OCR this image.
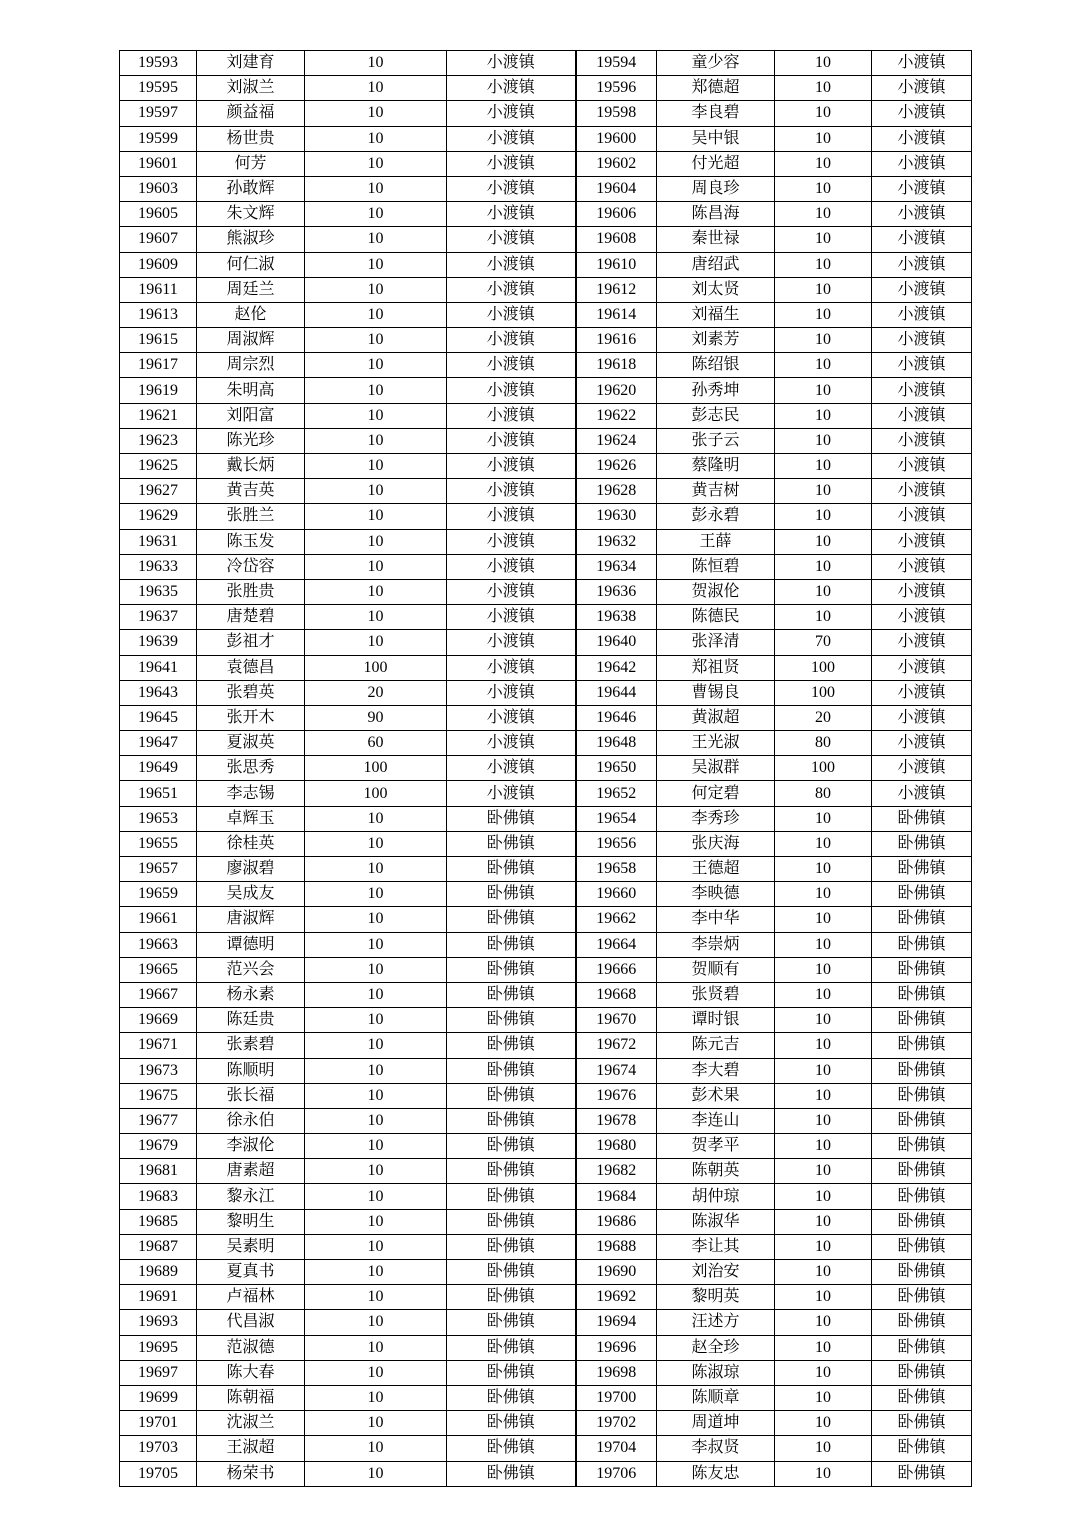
19593	刘建育	10	小渡镇	19594	童少容	10	小渡镇
19595	刘淑兰	10	小渡镇	19596	郑德超	10	小渡镇
19597	颜益福	10	小渡镇	19598	李良碧	10	小渡镇
19599	杨世贵	10	小渡镇	19600	吴中银	10	小渡镇
19601	何芳	10	小渡镇	19602	付光超	10	小渡镇
19603	孙敢辉	10	小渡镇	19604	周良珍	10	小渡镇
19605	朱文辉	10	小渡镇	19606	陈昌海	10	小渡镇
19607	熊淑珍	10	小渡镇	19608	秦世禄	10	小渡镇
19609	何仁淑	10	小渡镇	19610	唐绍武	10	小渡镇
19611	周廷兰	10	小渡镇	19612	刘太贤	10	小渡镇
19613	赵伦	10	小渡镇	19614	刘福生	10	小渡镇
19615	周淑辉	10	小渡镇	19616	刘素芳	10	小渡镇
19617	周宗烈	10	小渡镇	19618	陈绍银	10	小渡镇
19619	朱明高	10	小渡镇	19620	孙秀坤	10	小渡镇
19621	刘阳富	10	小渡镇	19622	彭志民	10	小渡镇
19623	陈光珍	10	小渡镇	19624	张子云	10	小渡镇
19625	戴长炳	10	小渡镇	19626	蔡隆明	10	小渡镇
19627	黄吉英	10	小渡镇	19628	黄吉树	10	小渡镇
19629	张胜兰	10	小渡镇	19630	彭永碧	10	小渡镇
19631	陈玉发	10	小渡镇	19632	王薛	10	小渡镇
19633	冷岱容	10	小渡镇	19634	陈恒碧	10	小渡镇
19635	张胜贵	10	小渡镇	19636	贺淑伦	10	小渡镇
19637	唐楚碧	10	小渡镇	19638	陈德民	10	小渡镇
19639	彭祖才	10	小渡镇	19640	张泽清	70	小渡镇
19641	袁德昌	100	小渡镇	19642	郑祖贤	100	小渡镇
19643	张碧英	20	小渡镇	19644	曹锡良	100	小渡镇
19645	张开木	90	小渡镇	19646	黄淑超	20	小渡镇
19647	夏淑英	60	小渡镇	19648	王光淑	80	小渡镇
19649	张思秀	100	小渡镇	19650	吴淑群	100	小渡镇
19651	李志锡	100	小渡镇	19652	何定碧	80	小渡镇
19653	卓辉玉	10	卧佛镇	19654	李秀珍	10	卧佛镇
19655	徐桂英	10	卧佛镇	19656	张庆海	10	卧佛镇
19657	廖淑碧	10	卧佛镇	19658	王德超	10	卧佛镇
19659	吴成友	10	卧佛镇	19660	李映德	10	卧佛镇
19661	唐淑辉	10	卧佛镇	19662	李中华	10	卧佛镇
19663	谭德明	10	卧佛镇	19664	李崇炳	10	卧佛镇
19665	范兴会	10	卧佛镇	19666	贺顺有	10	卧佛镇
19667	杨永素	10	卧佛镇	19668	张贤碧	10	卧佛镇
19669	陈廷贵	10	卧佛镇	19670	谭时银	10	卧佛镇
19671	张素碧	10	卧佛镇	19672	陈元吉	10	卧佛镇
19673	陈顺明	10	卧佛镇	19674	李大碧	10	卧佛镇
19675	张长福	10	卧佛镇	19676	彭术果	10	卧佛镇
19677	徐永伯	10	卧佛镇	19678	李连山	10	卧佛镇
19679	李淑伦	10	卧佛镇	19680	贺孝平	10	卧佛镇
19681	唐素超	10	卧佛镇	19682	陈朝英	10	卧佛镇
19683	黎永江	10	卧佛镇	19684	胡仲琼	10	卧佛镇
19685	黎明生	10	卧佛镇	19686	陈淑华	10	卧佛镇
19687	吴素明	10	卧佛镇	19688	李让其	10	卧佛镇
19689	夏真书	10	卧佛镇	19690	刘治安	10	卧佛镇
19691	卢福林	10	卧佛镇	19692	黎明英	10	卧佛镇
19693	代昌淑	10	卧佛镇	19694	汪述方	10	卧佛镇
19695	范淑德	10	卧佛镇	19696	赵全珍	10	卧佛镇
19697	陈大春	10	卧佛镇	19698	陈淑琼	10	卧佛镇
19699	陈朝福	10	卧佛镇	19700	陈顺章	10	卧佛镇
19701	沈淑兰	10	卧佛镇	19702	周道坤	10	卧佛镇
19703	王淑超	10	卧佛镇	19704	李叔贤	10	卧佛镇
19705	杨荣书	10	卧佛镇	19706	陈友忠	10	卧佛镇
